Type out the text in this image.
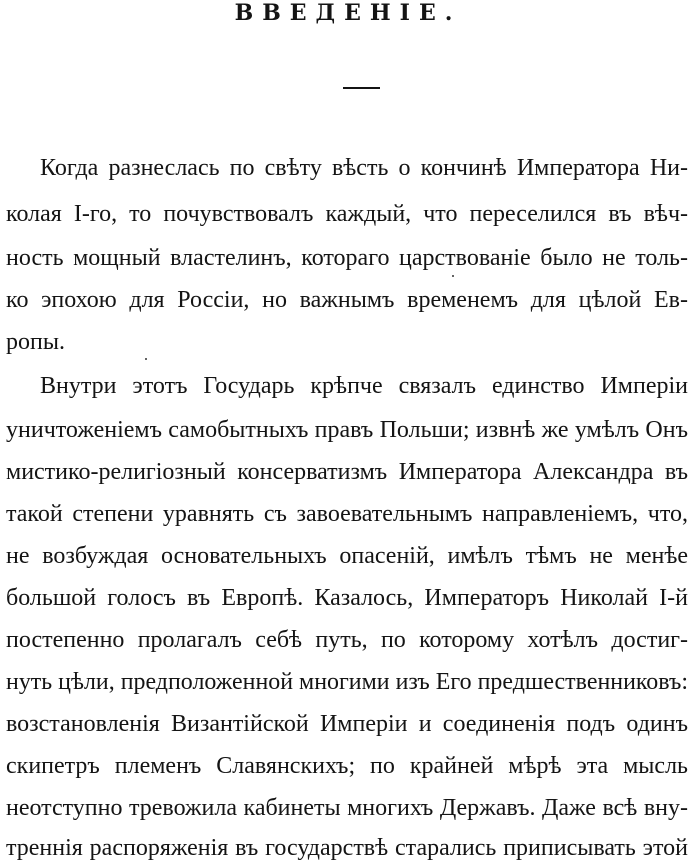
ВВЕДЕНІЕ.
Когда разнеслась по свѣту вѣсть о кончинѣ Императора Ни-
колая I-го, то почувствовалъ каждый, что переселился въ вѣч-
ность мощный властелинъ, котораго царствованіе было не толь-
ко эпохою для Россіи, но важнымъ временемъ для цѣлой Ев-
ропы.
Внутри этотъ Государь крѣпче связалъ единство Имперіи
уничтоженіемъ самобытныхъ правъ Польши; извнѣ же умѣлъ Онъ
мистико-религіозный консерватизмъ Императора Александра въ
такой степени уравнять съ завоевательнымъ направленіемъ, что,
не возбуждая основательныхъ опасеній, имѣлъ тѣмъ не менѣе
большой голосъ въ Европѣ. Казалось, Императоръ Николай I-й
постепенно пролагалъ себѣ путь, по которому хотѣлъ достиг-
нуть цѣли, предположенной многими изъ Его предшественниковъ:
возстановленія Византійской Имперіи и соединенія подъ одинъ
скипетръ племенъ Славянскихъ; по крайней мѣрѣ эта мысль
неотступно тревожила кабинеты многихъ Державъ. Даже всѣ вну-
треннія распоряженія въ государствѣ старались приписывать этой
